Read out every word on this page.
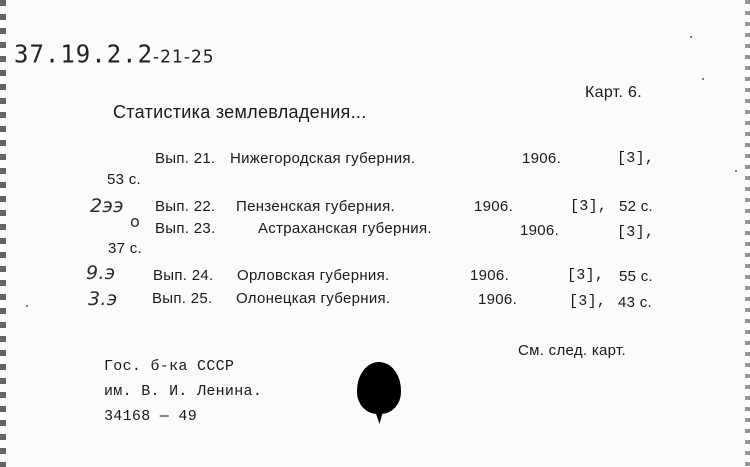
37.19.2.2-21-25
Карт. 6.
Статистика землевладения...
Вып. 21. Нижегородская губерния.	1906.	[3],
53 с.
2ээ Вып. 22. Пензенская губерния.	1906.	[3], 52 с.
о Вып. 23.	Астраханская губерния.	1906.	[3],
37 с.
9.э	Вып. 24. Орловская губерния.	1906.	[3], 55 с.
3.э Вып. 25. Олонецкая губерния.	1906.	[3], 43 с.
См. след. карт.
Гос. б-ка СССР
им. В. И. Ленина.
34168 — 49
